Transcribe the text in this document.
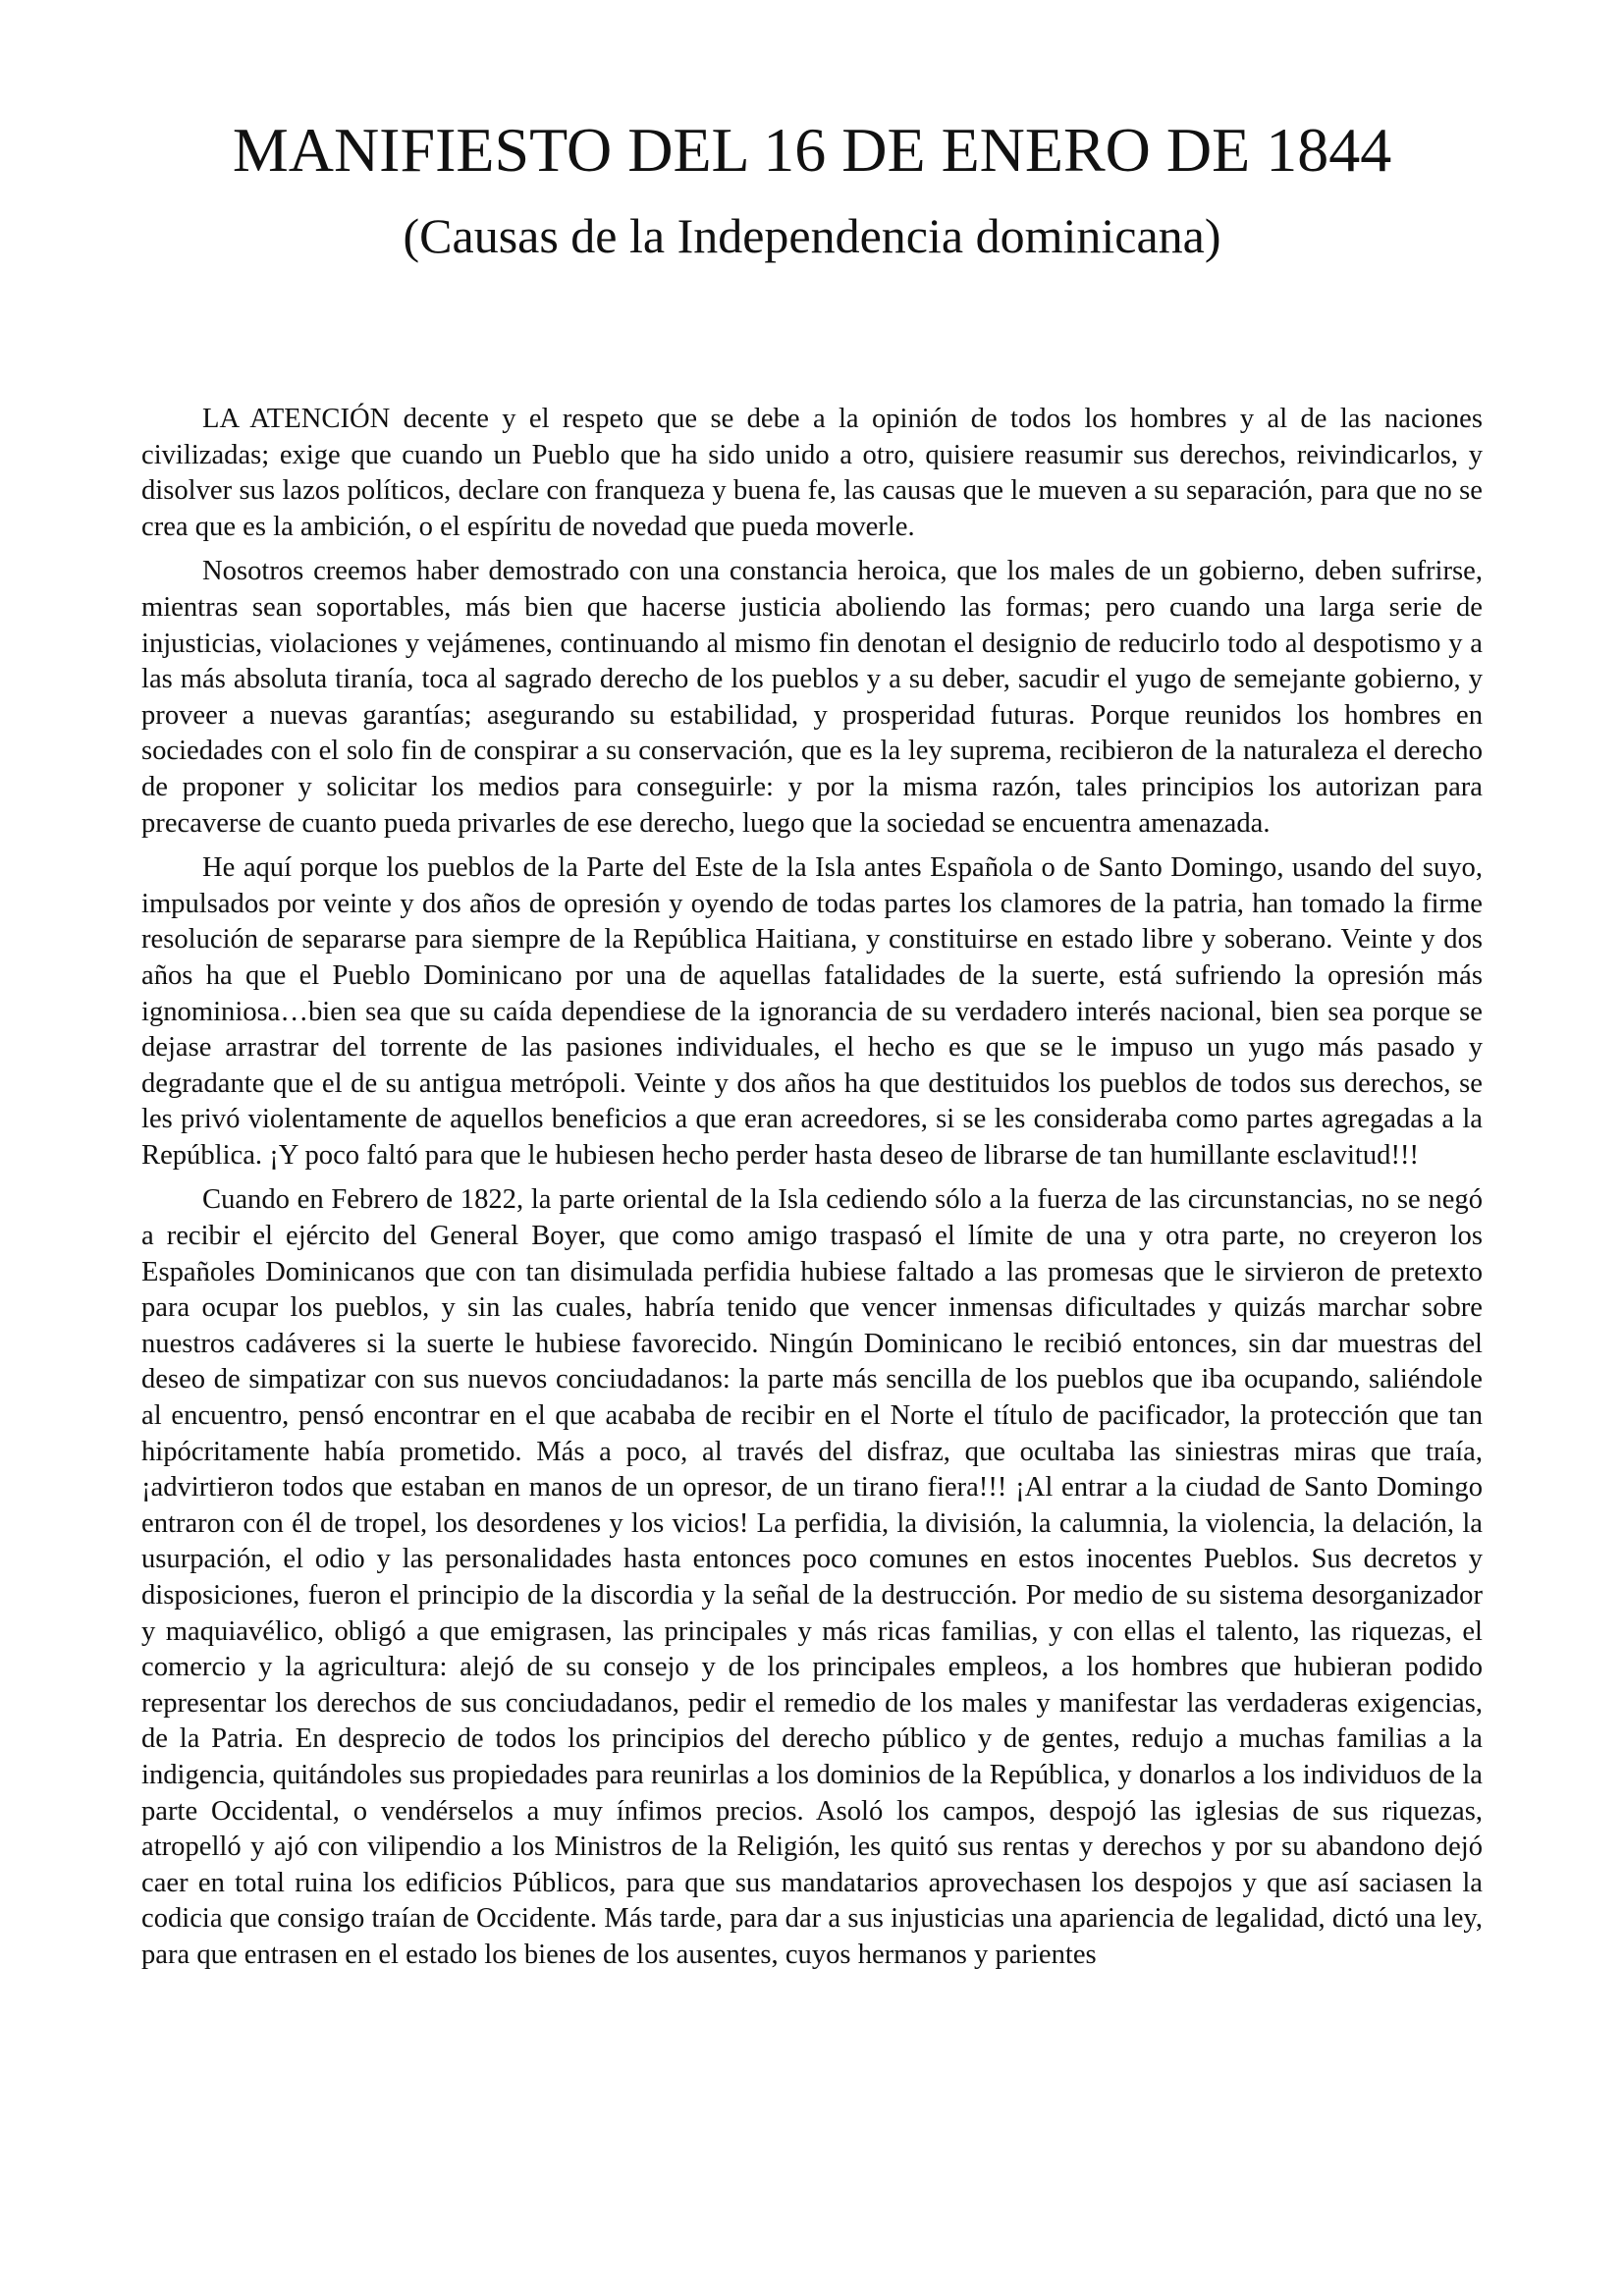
MANIFIESTO DEL 16 DE ENERO DE 1844
(Causas de la Independencia dominicana)

LA ATENCIÓN decente y el respeto que se debe a la opinión de todos los hombres y al de las naciones civilizadas; exige que cuando un Pueblo que ha sido unido a otro, quisiere reasumir sus derechos, reivindicarlos, y disolver sus lazos políticos, declare con franqueza y buena fe, las causas que le mueven a su separación, para que no se crea que es la ambición, o el espíritu de novedad que pueda moverle.

Nosotros creemos haber demostrado con una constancia heroica, que los males de un gobierno, deben sufrirse, mientras sean soportables, más bien que hacerse justicia aboliendo las formas; pero cuando una larga serie de injusticias, violaciones y vejámenes, continuando al mismo fin denotan el designio de reducirlo todo al despotismo y a las más absoluta tiranía, toca al sagrado derecho de los pueblos y a su deber, sacudir el yugo de semejante gobierno, y proveer a nuevas garantías; asegurando su estabilidad, y prosperidad futuras. Porque reunidos los hombres en sociedades con el solo fin de conspirar a su conservación, que es la ley suprema, recibieron de la naturaleza el derecho de proponer y solicitar los medios para conseguirle: y por la misma razón, tales principios los autorizan para precaverse de cuanto pueda privarles de ese derecho, luego que la sociedad se encuentra amenazada.

He aquí porque los pueblos de la Parte del Este de la Isla antes Española o de Santo Domingo, usando del suyo, impulsados por veinte y dos años de opresión y oyendo de todas partes los clamores de la patria, han tomado la firme resolución de separarse para siempre de la República Haitiana, y constituirse en estado libre y soberano. Veinte y dos años ha que el Pueblo Dominicano por una de aquellas fatalidades de la suerte, está sufriendo la opresión más ignominiosa…bien sea que su caída dependiese de la ignorancia de su verdadero interés nacional, bien sea porque se dejase arrastrar del torrente de las pasiones individuales, el hecho es que se le impuso un yugo más pasado y degradante que el de su antigua metrópoli. Veinte y dos años ha que destituidos los pueblos de todos sus derechos, se les privó violentamente de aquellos beneficios a que eran acreedores, si se les consideraba como partes agregadas a la República. ¡Y poco faltó para que le hubiesen hecho perder hasta deseo de librarse de tan humillante esclavitud!!!

Cuando en Febrero de 1822, la parte oriental de la Isla cediendo sólo a la fuerza de las circunstancias, no se negó a recibir el ejército del General Boyer, que como amigo traspasó el límite de una y otra parte, no creyeron los Españoles Dominicanos que con tan disimulada perfidia hubiese faltado a las promesas que le sirvieron de pretexto para ocupar los pueblos, y sin las cuales, habría tenido que vencer inmensas dificultades y quizás marchar sobre nuestros cadáveres si la suerte le hubiese favorecido. Ningún Dominicano le recibió entonces, sin dar muestras del deseo de simpatizar con sus nuevos conciudadanos: la parte más sencilla de los pueblos que iba ocupando, saliéndole al encuentro, pensó encontrar en el que acababa de recibir en el Norte el título de pacificador, la protección que tan hipócritamente había prometido. Más a poco, al través del disfraz, que ocultaba las siniestras miras que traía, ¡advirtieron todos que estaban en manos de un opresor, de un tirano fiera!!! ¡Al entrar a la ciudad de Santo Domingo entraron con él de tropel, los desordenes y los vicios! La perfidia, la división, la calumnia, la violencia, la delación, la usurpación, el odio y las personalidades hasta entonces poco comunes en estos inocentes Pueblos. Sus decretos y disposiciones, fueron el principio de la discordia y la señal de la destrucción. Por medio de su sistema desorganizador y maquiavélico, obligó a que emigrasen, las principales y más ricas familias, y con ellas el talento, las riquezas, el comercio y la agricultura: alejó de su consejo y de los principales empleos, a los hombres que hubieran podido representar los derechos de sus conciudadanos, pedir el remedio de los males y manifestar las verdaderas exigencias, de la Patria. En desprecio de todos los principios del derecho público y de gentes, redujo a muchas familias a la indigencia, quitándoles sus propiedades para reunirlas a los dominios de la República, y donarlos a los individuos de la parte Occidental, o vendérselos a muy ínfimos precios. Asoló los campos, despojó las iglesias de sus riquezas, atropelló y ajó con vilipendio a los Ministros de la Religión, les quitó sus rentas y derechos y por su abandono dejó caer en total ruina los edificios Públicos, para que sus mandatarios aprovechasen los despojos y que así saciasen la codicia que consigo traían de Occidente. Más tarde, para dar a sus injusticias una apariencia de legalidad, dictó una ley, para que entrasen en el estado los bienes de los ausentes, cuyos hermanos y parientes
